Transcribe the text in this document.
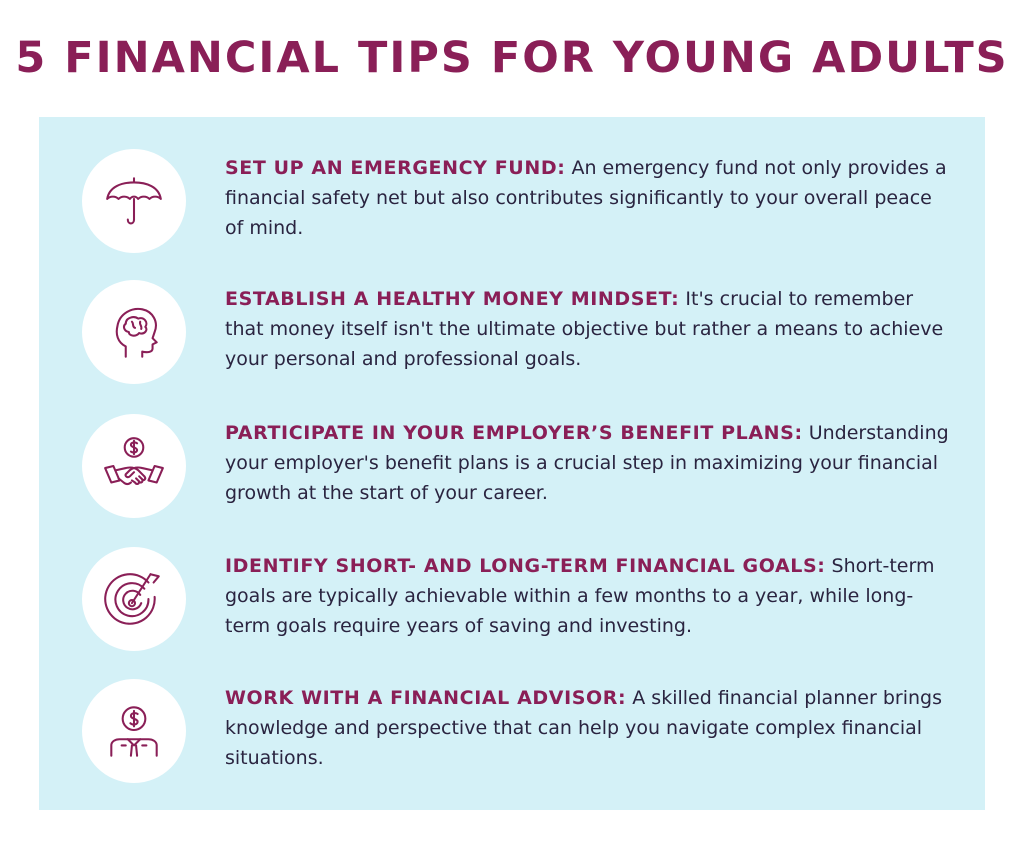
5 FINANCIAL TIPS FOR YOUNG ADULTS
SET UP AN EMERGENCY FUND: An emergency fund not only provides a financial safety net but also contributes significantly to your overall peace of mind.
ESTABLISH A HEALTHY MONEY MINDSET: It's crucial to remember that money itself isn't the ultimate objective but rather a means to achieve your personal and professional goals.
PARTICIPATE IN YOUR EMPLOYER’S BENEFIT PLANS: Understanding your employer's benefit plans is a crucial step in maximizing your financial growth at the start of your career.
IDENTIFY SHORT- AND LONG-TERM FINANCIAL GOALS: Short-term goals are typically achievable within a few months to a year, while long-term goals require years of saving and investing.
WORK WITH A FINANCIAL ADVISOR: A skilled financial planner brings knowledge and perspective that can help you navigate complex financial situations.
